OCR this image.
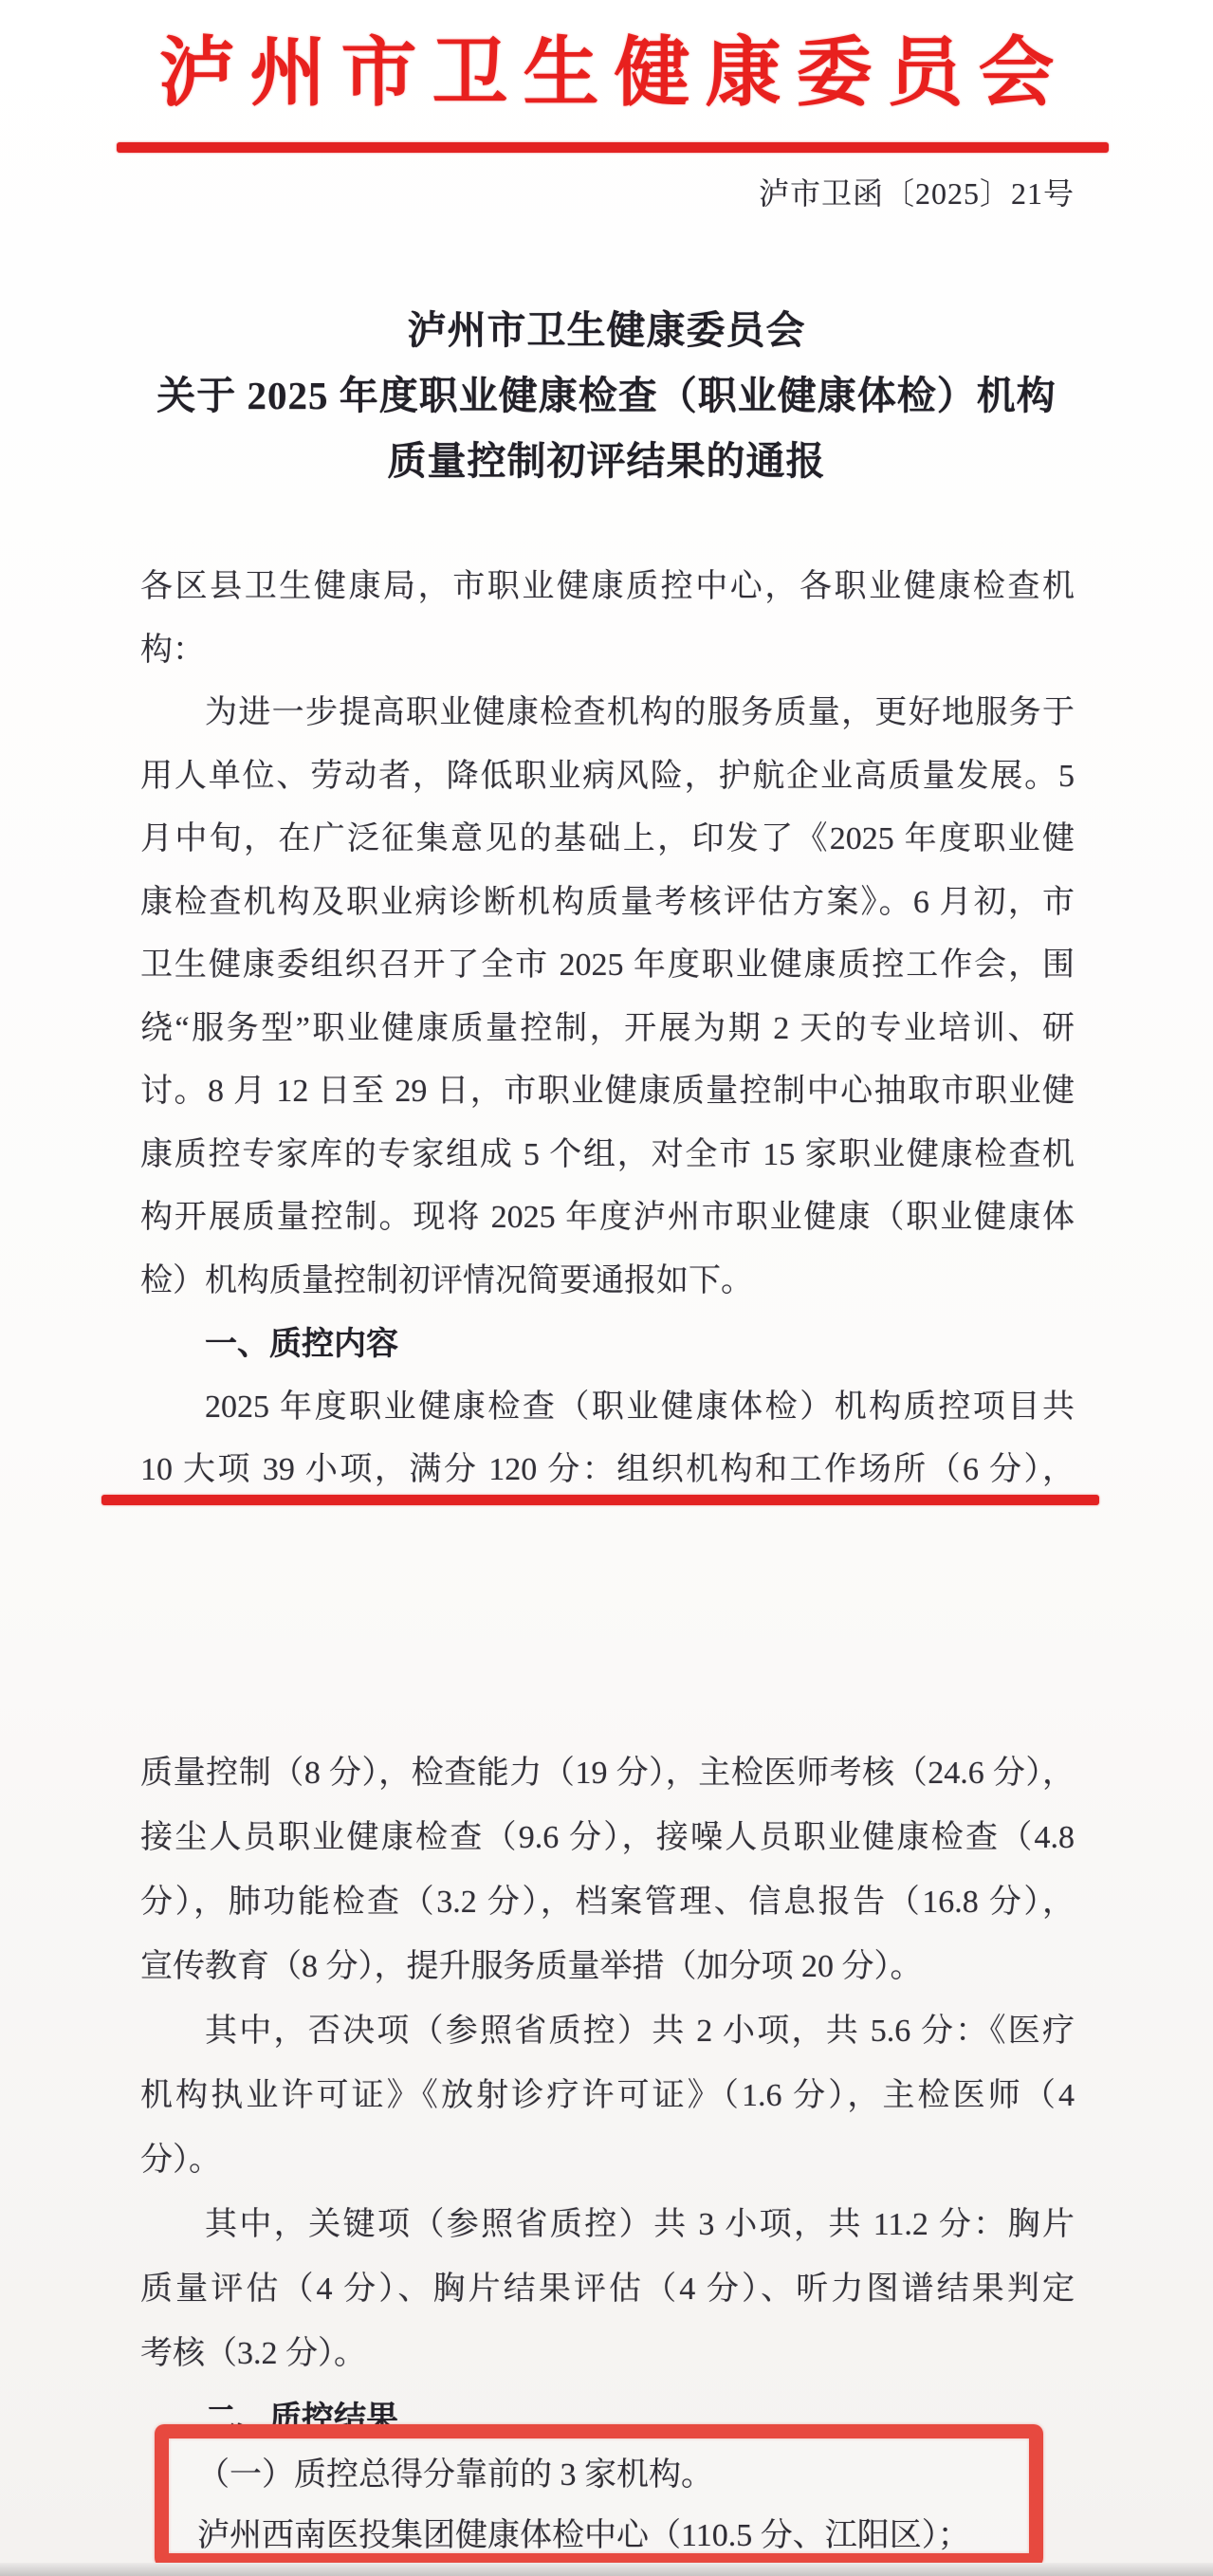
泸州市卫生健康委员会
泸市卫函〔2025〕21号
泸州市卫生健康委员会
关于 2025 年度职业健康检查（职业健康体检）机构
质量控制初评结果的通报
各区县卫生健康局，市职业健康质控中心，各职业健康检查机构：
为进一步提高职业健康检查机构的服务质量，更好地服务于
用人单位、劳动者，降低职业病风险，护航企业高质量发展。5
月中旬，在广泛征集意见的基础上，印发了《2025 年度职业健
康检查机构及职业病诊断机构质量考核评估方案》。6 月初，市
卫生健康委组织召开了全市 2025 年度职业健康质控工作会，围
绕“服务型”职业健康质量控制，开展为期 2 天的专业培训、研
讨。8 月 12 日至 29 日，市职业健康质量控制中心抽取市职业健
康质控专家库的专家组成 5 个组，对全市 15 家职业健康检查机
构开展质量控制。现将 2025 年度泸州市职业健康（职业健康体
检）机构质量控制初评情况简要通报如下。
一、质控内容
2025 年度职业健康检查（职业健康体检）机构质控项目共
10 大项 39 小项，满分 120 分：组织机构和工作场所（6 分），
质量控制（8 分），检查能力（19 分），主检医师考核（24.6 分），
接尘人员职业健康检查（9.6 分），接噪人员职业健康检查（4.8
分），肺功能检查（3.2 分），档案管理、信息报告（16.8 分），
宣传教育（8 分），提升服务质量举措（加分项 20 分）。
其中，否决项（参照省质控）共 2 小项，共 5.6 分：《医疗
机构执业许可证》《放射诊疗许可证》（1.6 分），主检医师（4
分）。
其中，关键项（参照省质控）共 3 小项，共 11.2 分：胸片
质量评估（4 分）、胸片结果评估（4 分）、听力图谱结果判定
考核（3.2 分）。
二、质控结果
（一）质控总得分靠前的 3 家机构。
泸州西南医投集团健康体检中心（110.5 分、江阳区）；
